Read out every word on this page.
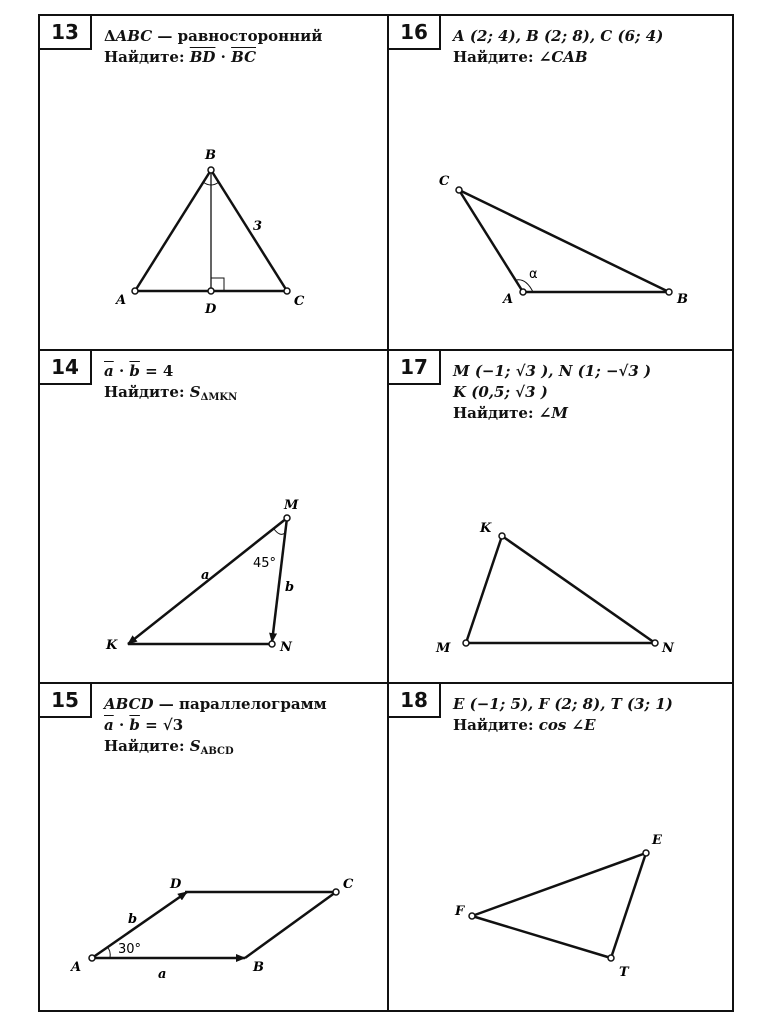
13	ΔABC — равносторонний
Найдите: $\overline{BD} \cdot \overline{BC}$
A
B
C
D
3
16	A (2; 4), B (2; 8), C (6; 4)
Найдите: ∠CAB
C
A	B
α
14	$\overline{a} \cdot \overline{b} = 4$
Найдите: $S_{\Delta MKN}$
M
K	N
a
b
45°
17	M (−1; √3 ), N (1; −√3 )
K (0,5; √3 )
Найдите: ∠M
K
M	N
15	ABCD — параллелограмм
$\overline{a} \cdot \overline{b} = √3$
Найдите: $S_{ABCD}$
A	B
C
D
b
a
30°
18	E (−1; 5), F (2; 8), T (3; 1)
Найдите: cos ∠E
E
F
T
